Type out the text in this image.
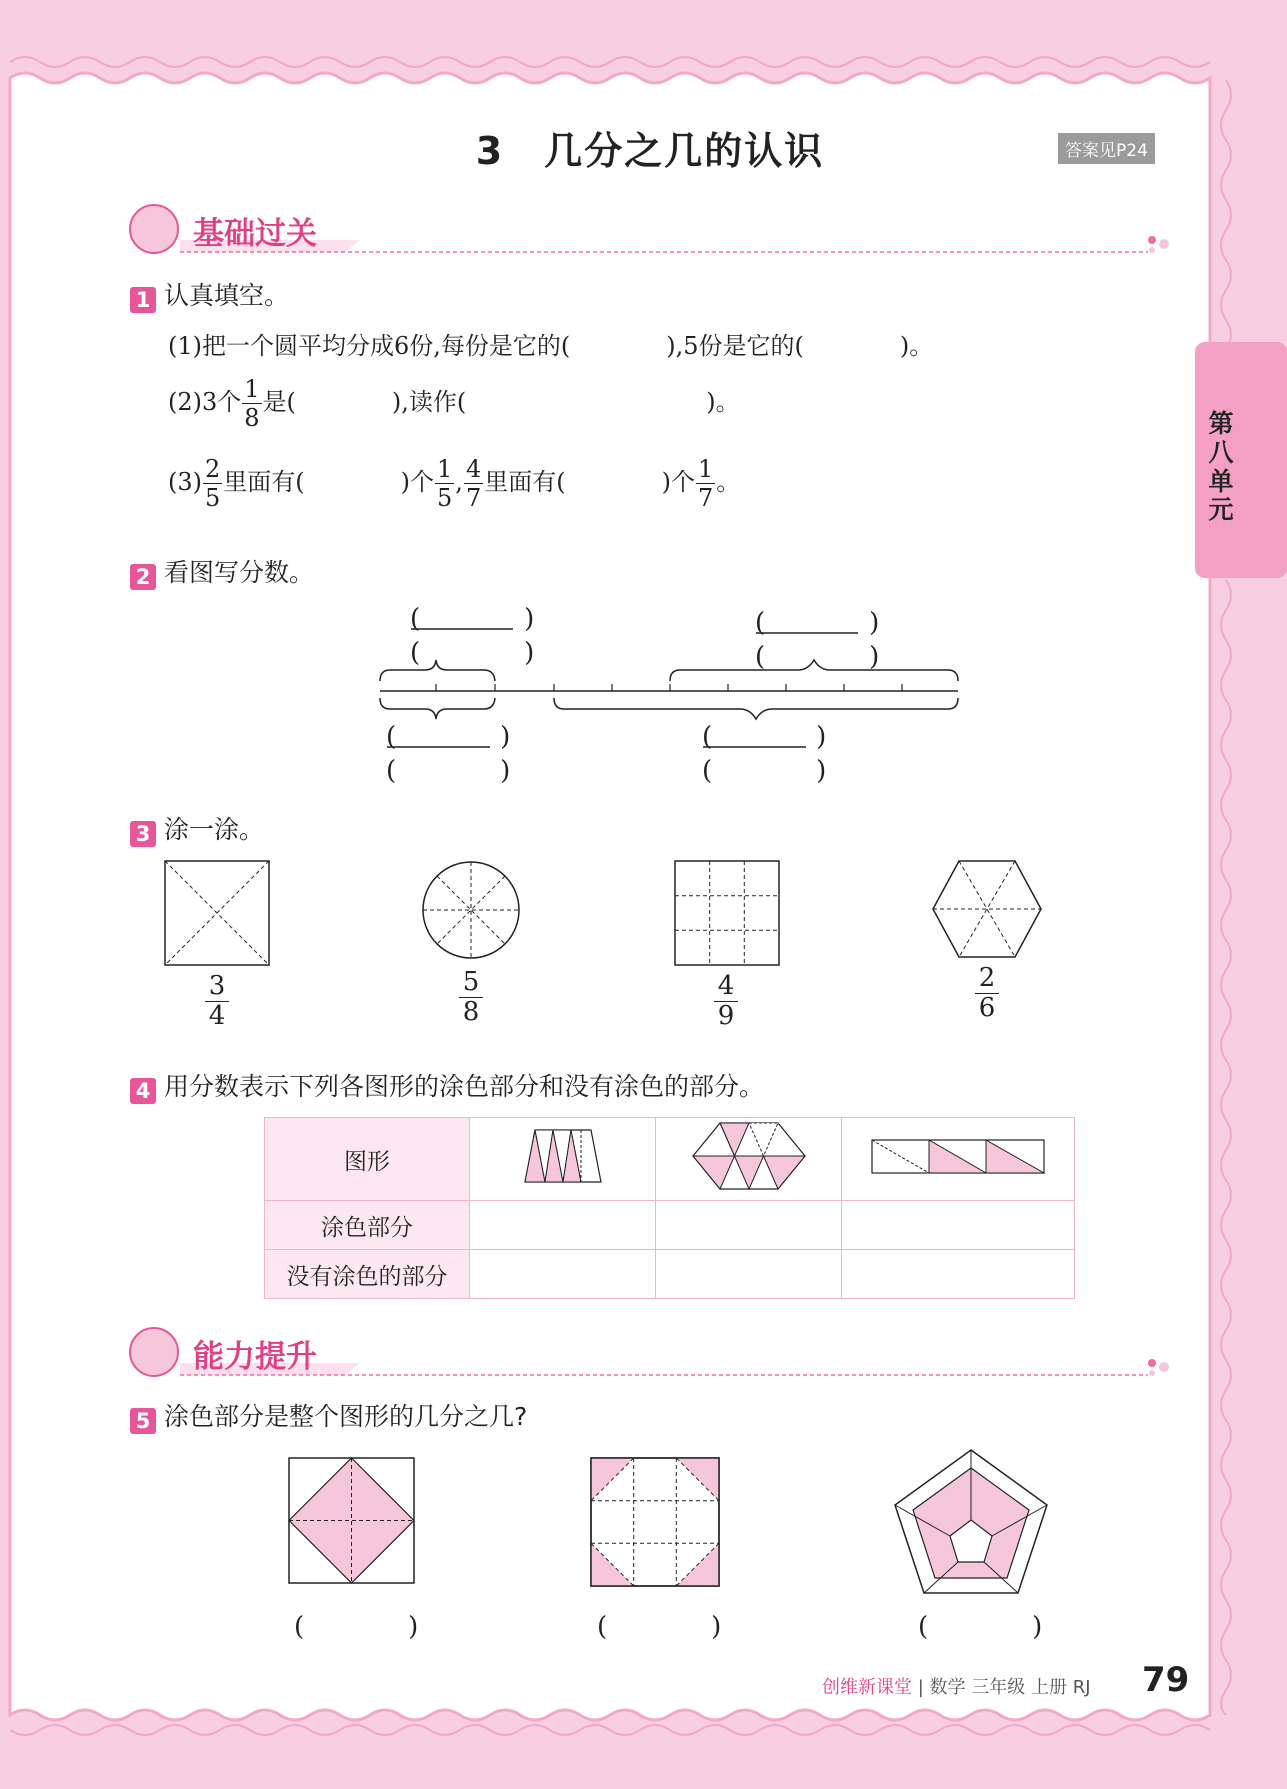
3　几分之几的认识	答案见P24
第八单元
基础过关
1 认真填空。
(1)把一个圆平均分成6份,每份是它的(　　　　),5份是它的(　　　　)。
(2)3个 $\frac{1}{8}$ 是(　　　　),读作(　　　　　　　　　　)。
$(3) \frac{2}{5}$ 里面有(　　　　)个 $\frac{1}{5}$ , $\frac{4}{7}$ 里面有(　　　　)个 $\frac{1}{7}$ 。
2 看图写分数。
(　　　　)
(　　　　)
(　　　　)
(　　　　)
(　　　　)
(　　　　)
(　　　　)
(　　　　)
3 涂一涂。
$\frac{3}{4}$	$\frac{5}{8}$	$\frac{4}{9}$	$\frac{2}{6}$
4 用分数表示下列各图形的涂色部分和没有涂色的部分。
图形			
涂色部分			
没有涂色的部分			
能力提升
5 涂色部分是整个图形的几分之几?
(　　　　)	(　　　　)	(　　　　)
创维新课堂 | 数学 三年级 上册 RJ 79
